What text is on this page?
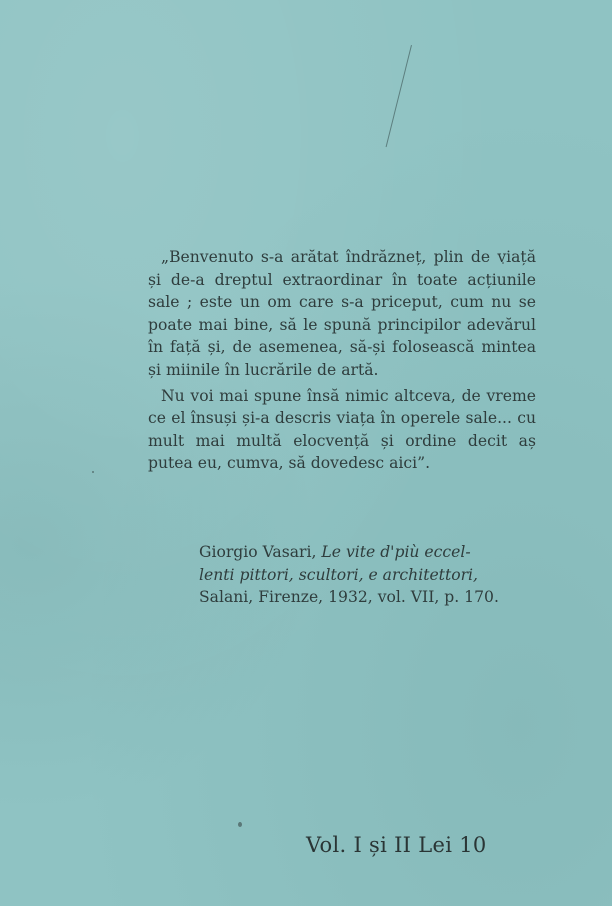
„Benvenuto s-a arătat îndrăzneț, plin de viață și de-a dreptul extraordinar în toate acțiunile sale ; este un om care s-a priceput, cum nu se poate mai bine, să le spună principilor adevărul în față și, de asemenea, să-și folosească mintea și miinile în lucrările de artă.

Nu voi mai spune însă nimic altceva, de vreme ce el însuși și-a descris viața în operele sale... cu mult mai multă elocvență și ordine decit aș putea eu, cumva, să dovedesc aici”.

Giorgio Vasari, Le vite d'più eccel-
lenti pittori, scultori, e architettori,
Salani, Firenze, 1932, vol. VII, p. 170.
Vol. I și II Lei 10
